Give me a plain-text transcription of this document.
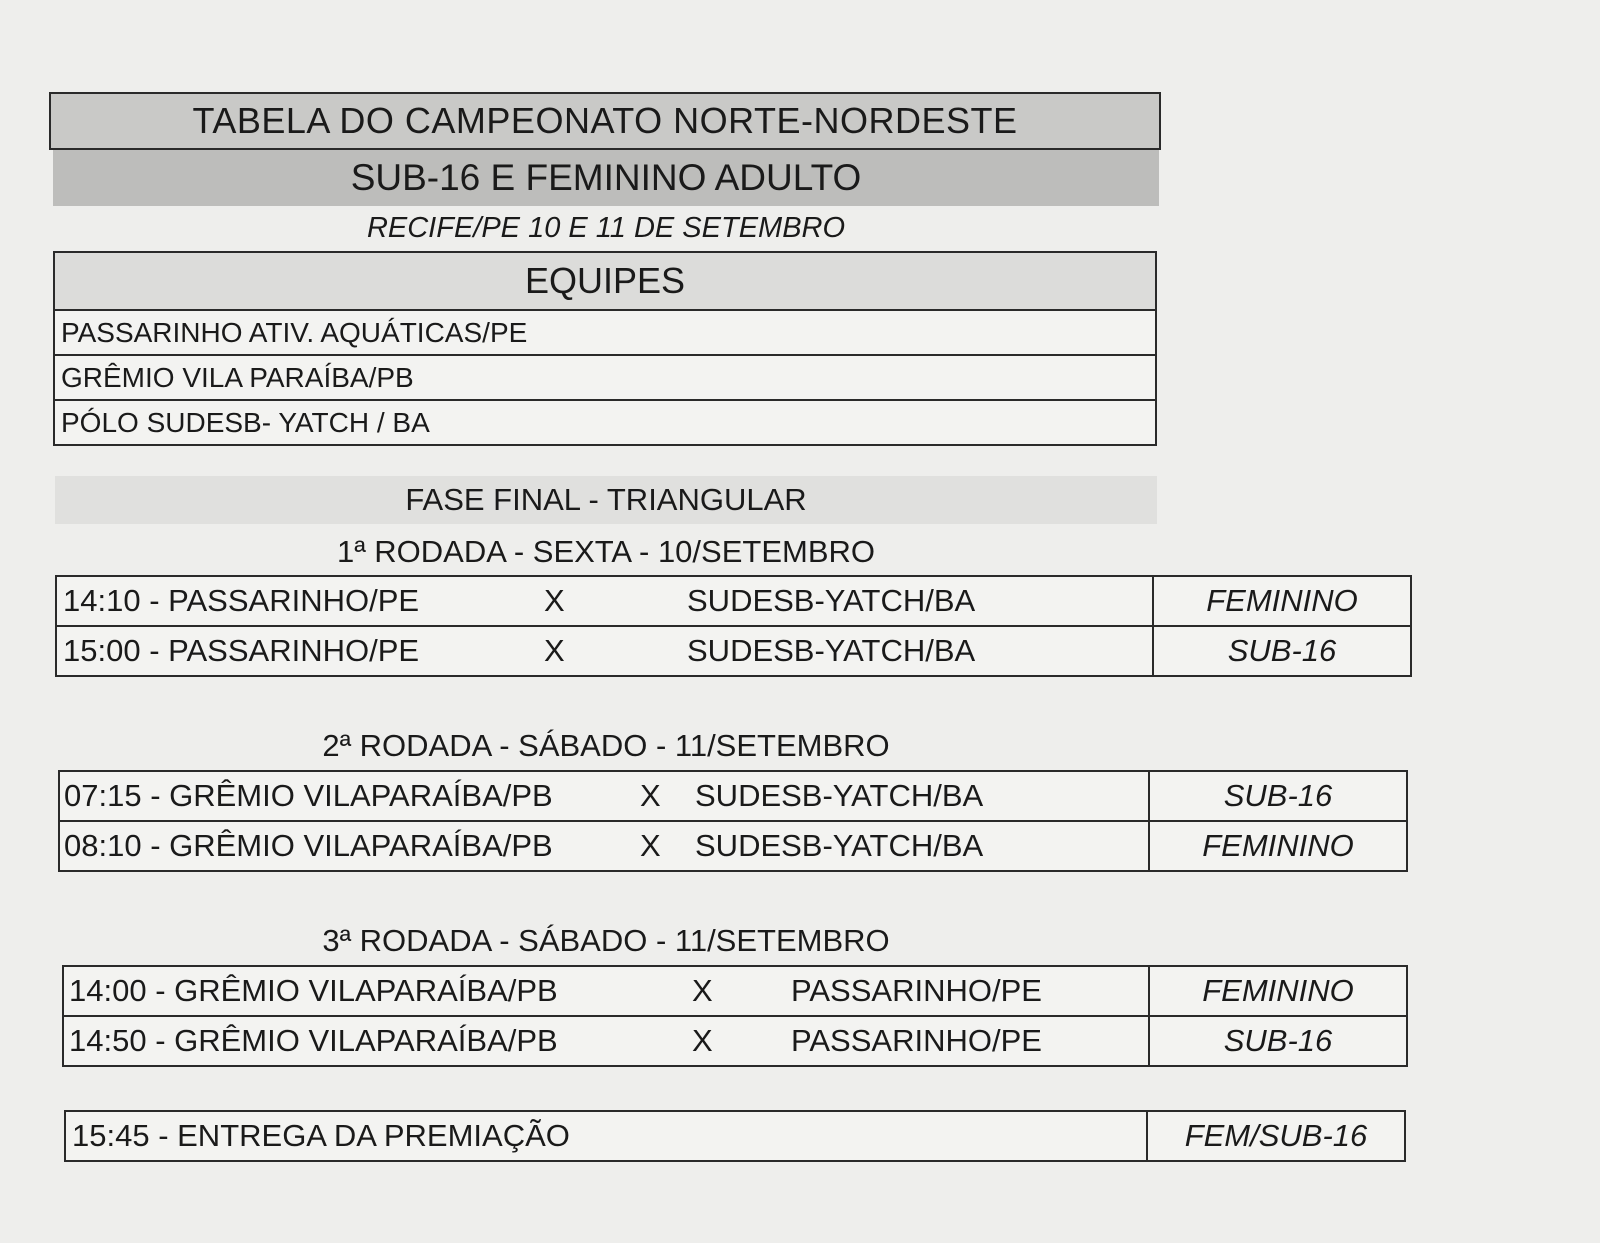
TABELA DO CAMPEONATO NORTE-NORDESTE
SUB-16 E FEMININO ADULTO
RECIFE/PE 10 E 11 DE SETEMBRO
EQUIPES
PASSARINHO ATIV. AQUÁTICAS/PE
GRÊMIO VILA PARAÍBA/PB
PÓLO SUDESB- YATCH / BA
FASE FINAL - TRIANGULAR
1ª RODADA - SEXTA - 10/SETEMBRO
14:10 - PASSARINHO/PE	X	SUDESB-YATCH/BA	FEMININO
15:00 - PASSARINHO/PE	X	SUDESB-YATCH/BA	SUB-16
2ª RODADA - SÁBADO - 11/SETEMBRO
07:15 - GRÊMIO VILAPARAÍBA/PB	X SUDESB-YATCH/BA	SUB-16
08:10 - GRÊMIO VILAPARAÍBA/PB	X SUDESB-YATCH/BA	FEMININO
3ª RODADA - SÁBADO - 11/SETEMBRO
14:00 - GRÊMIO VILAPARAÍBA/PB	X	PASSARINHO/PE	FEMININO
14:50 - GRÊMIO VILAPARAÍBA/PB	X	PASSARINHO/PE	SUB-16
15:45 - ENTREGA DA PREMIAÇÃO	FEM/SUB-16
